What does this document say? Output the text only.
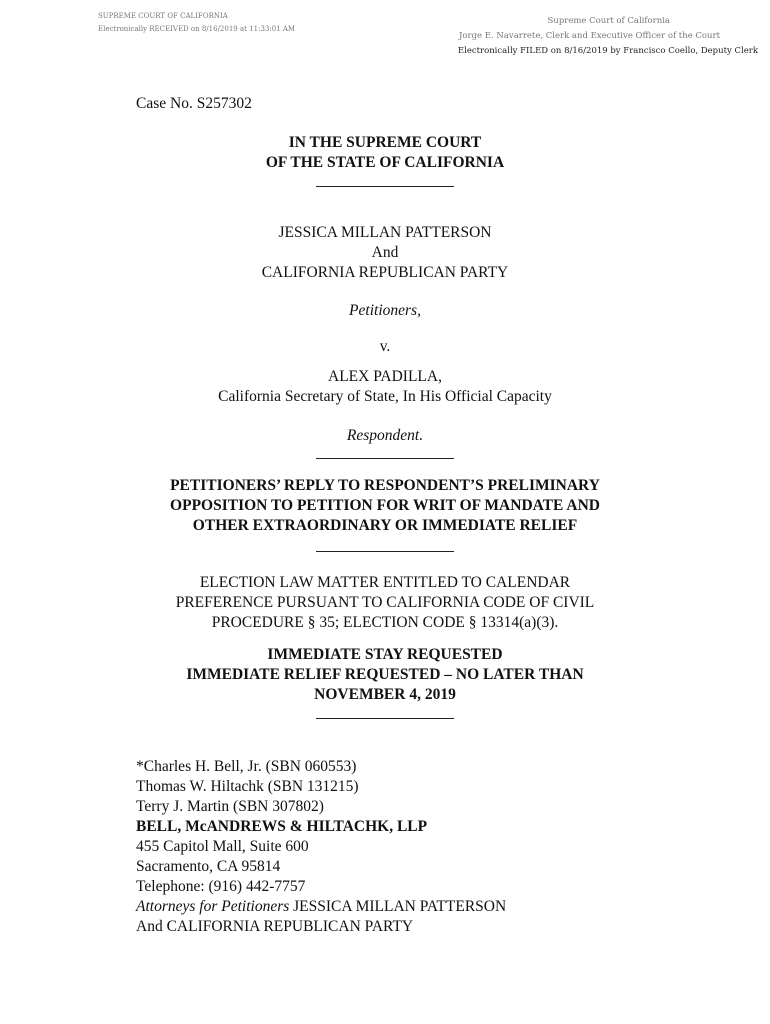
SUPREME COURT OF CALIFORNIA
Electronically RECEIVED on 8/16/2019 at 11:33:01 AM
Supreme Court of California
Jorge E. Navarrete, Clerk and Executive Officer of the Court
Electronically FILED on 8/16/2019 by Francisco Coello, Deputy Clerk
Case No. S257302
IN THE SUPREME COURT
OF THE STATE OF CALIFORNIA
JESSICA MILLAN PATTERSON
And
CALIFORNIA REPUBLICAN PARTY
Petitioners,
v.
ALEX PADILLA,
California Secretary of State, In His Official Capacity
Respondent.
PETITIONERS’ REPLY TO RESPONDENT’S PRELIMINARY
OPPOSITION TO PETITION FOR WRIT OF MANDATE AND
OTHER EXTRAORDINARY OR IMMEDIATE RELIEF
ELECTION LAW MATTER ENTITLED TO CALENDAR
PREFERENCE PURSUANT TO CALIFORNIA CODE OF CIVIL
PROCEDURE § 35; ELECTION CODE § 13314(a)(3).
IMMEDIATE STAY REQUESTED
IMMEDIATE RELIEF REQUESTED – NO LATER THAN
NOVEMBER 4, 2019
*Charles H. Bell, Jr. (SBN 060553)
Thomas W. Hiltachk (SBN 131215)
Terry J. Martin (SBN 307802)
BELL, McANDREWS & HILTACHK, LLP
455 Capitol Mall, Suite 600
Sacramento, CA 95814
Telephone: (916) 442-7757
Attorneys for Petitioners JESSICA MILLAN PATTERSON
And CALIFORNIA REPUBLICAN PARTY
